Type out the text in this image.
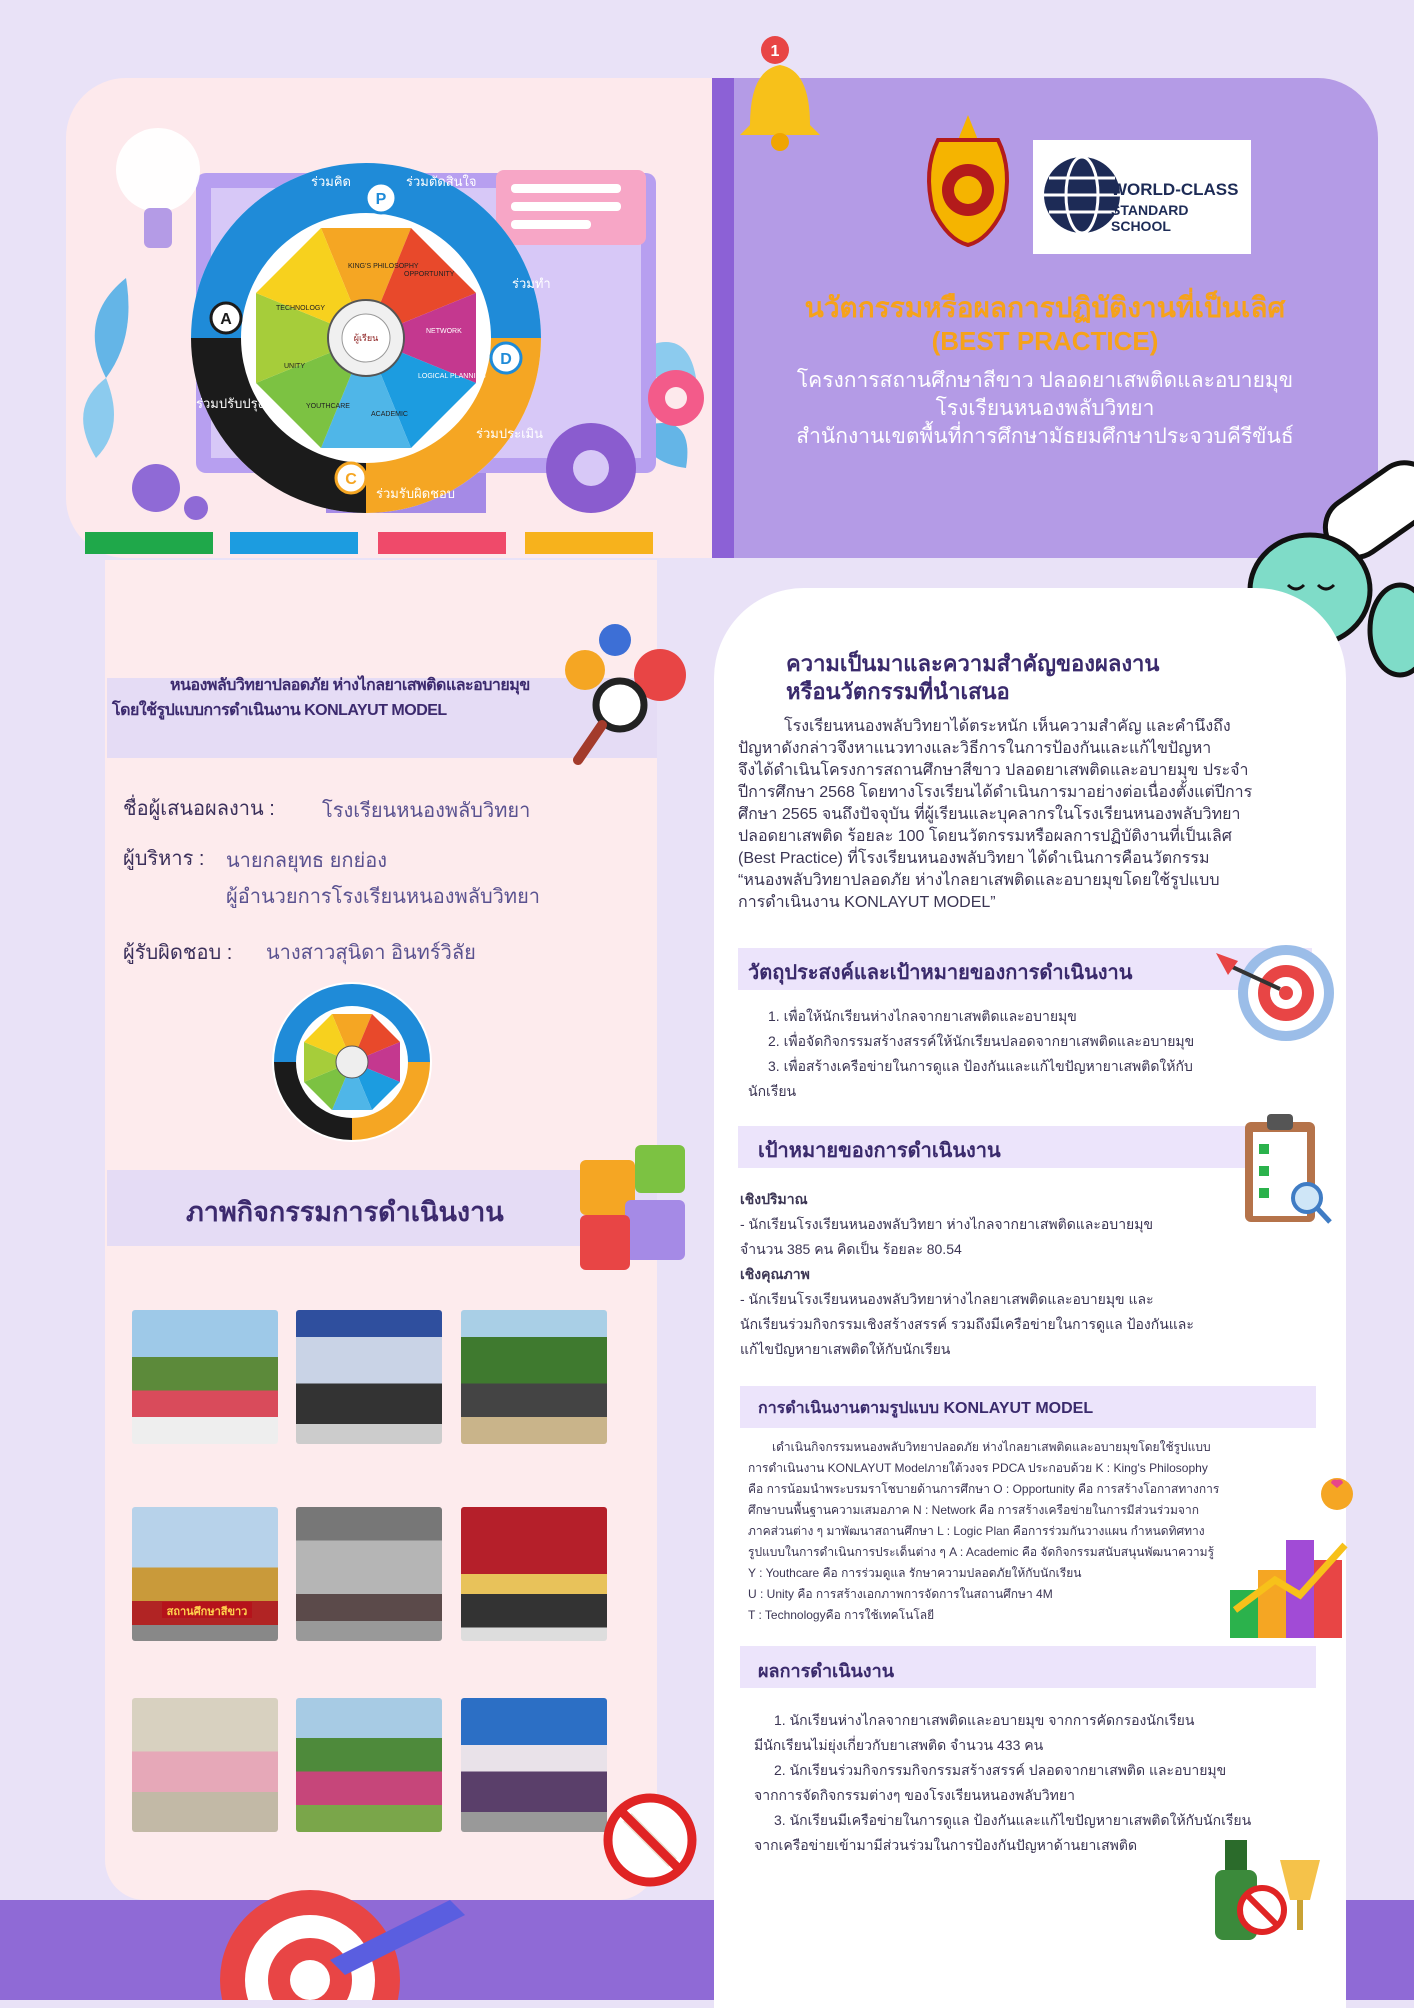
P
D
C
A
ร่วมคิด	ร่วมตัดสินใจ
ร่วมทำ
ร่วมประเมิน
ร่วมรับผิดชอบ
ร่วมปรับปรุง
KING'S PHILOSOPHY
OPPORTUNITY
NETWORK
LOGICAL PLANNING
ACADEMIC
YOUTHCARE
UNITY
TECHNOLOGY
ผู้เรียน
1
WORLD-CLASS
STANDARD SCHOOL
นวัตกรรมหรือผลการปฏิบัติงานที่เป็นเลิศ
(BEST PRACTICE)
โครงการสถานศึกษาสีขาว ปลอดยาเสพติดและอบายมุข
โรงเรียนหนองพลับวิทยา
สำนักงานเขตพื้นที่การศึกษามัธยมศึกษาประจวบคีรีขันธ์
หนองพลับวิทยาปลอดภัย ห่างไกลยาเสพติดและอบายมุข
โดยใช้รูปแบบการดำเนินงาน KONLAYUT MODEL
ชื่อผู้เสนอผลงาน : โรงเรียนหนองพลับวิทยา
ผู้บริหาร : นายกลยุทธ ยกย่อง
ผู้อำนวยการโรงเรียนหนองพลับวิทยา
ผู้รับผิดชอบ : นางสาวสุนิดา อินทร์วิลัย
ภาพกิจกรรมการดำเนินงาน
สถานศึกษาสีขาว
ความเป็นมาและความสำคัญของผลงาน
หรือนวัตกรรมที่นำเสนอ
โรงเรียนหนองพลับวิทยาได้ตระหนัก เห็นความสำคัญ และคำนึงถึง
ปัญหาดังกล่าวจึงหาแนวทางและวิธีการในการป้องกันและแก้ไขปัญหา
จึงได้ดำเนินโครงการสถานศึกษาสีขาว ปลอดยาเสพติดและอบายมุข ประจำ
ปีการศึกษา 2568 โดยทางโรงเรียนได้ดำเนินการมาอย่างต่อเนื่องตั้งแต่ปีการ
ศึกษา 2565 จนถึงปัจจุบัน ที่ผู้เรียนและบุคลากรในโรงเรียนหนองพลับวิทยา
ปลอดยาเสพติด ร้อยละ 100 โดยนวัตกรรมหรือผลการปฏิบัติงานที่เป็นเลิศ
(Best Practice) ที่โรงเรียนหนองพลับวิทยา ได้ดำเนินการคือนวัตกรรม
“หนองพลับวิทยาปลอดภัย ห่างไกลยาเสพติดและอบายมุขโดยใช้รูปแบบ
การดำเนินงาน KONLAYUT MODEL”
วัตถุประสงค์และเป้าหมายของการดำเนินงาน
1. เพื่อให้นักเรียนห่างไกลจากยาเสพติดและอบายมุข
2. เพื่อจัดกิจกรรมสร้างสรรค์ให้นักเรียนปลอดจากยาเสพติดและอบายมุข
3. เพื่อสร้างเครือข่ายในการดูแล ป้องกันและแก้ไขปัญหายาเสพติดให้กับ
นักเรียน
เป้าหมายของการดำเนินงาน
เชิงปริมาณ
- นักเรียนโรงเรียนหนองพลับวิทยา ห่างไกลจากยาเสพติดและอบายมุข
จำนวน 385 คน คิดเป็น ร้อยละ 80.54
เชิงคุณภาพ
- นักเรียนโรงเรียนหนองพลับวิทยาห่างไกลยาเสพติดและอบายมุข และ
นักเรียนร่วมกิจกรรมเชิงสร้างสรรค์ รวมถึงมีเครือข่ายในการดูแล ป้องกันและ
แก้ไขปัญหายาเสพติดให้กับนักเรียน
การดำเนินงานตามรูปแบบ KONLAYUT MODEL
เดำเนินกิจกรรมหนองพลับวิทยาปลอดภัย ห่างไกลยาเสพติดและอบายมุขโดยใช้รูปแบบ
การดำเนินงาน KONLAYUT Modelภายใต้วงจร PDCA ประกอบด้วย K : King's Philosophy
คือ การน้อมนำพระบรมราโชบายด้านการศึกษา O : Opportunity คือ การสร้างโอกาสทางการ
ศึกษาบนพื้นฐานความเสมอภาค N : Network คือ การสร้างเครือข่ายในการมีส่วนร่วมจาก
ภาคส่วนต่าง ๆ มาพัฒนาสถานศึกษา L : Logic Plan คือการร่วมกันวางแผน กำหนดทิศทาง
รูปแบบในการดำเนินการประเด็นต่าง ๆ A : Academic คือ จัดกิจกรรมสนับสนุนพัฒนาความรู้
Y : Youthcare คือ การร่วมดูแล รักษาความปลอดภัยให้กับนักเรียน
U : Unity คือ การสร้างเอกภาพการจัดการในสถานศึกษา 4M
T : Technologyคือ การใช้เทคโนโลยี
ผลการดำเนินงาน
1. นักเรียนห่างไกลจากยาเสพติดและอบายมุข จากการคัดกรองนักเรียน
มีนักเรียนไม่ยุ่งเกี่ยวกับยาเสพติด จำนวน 433 คน
2. นักเรียนร่วมกิจกรรมกิจกรรมสร้างสรรค์ ปลอดจากยาเสพติด และอบายมุข
จากการจัดกิจกรรมต่างๆ ของโรงเรียนหนองพลับวิทยา
3. นักเรียนมีเครือข่ายในการดูแล ป้องกันและแก้ไขปัญหายาเสพติดให้กับนักเรียน
จากเครือข่ายเข้ามามีส่วนร่วมในการป้องกันปัญหาด้านยาเสพติด
